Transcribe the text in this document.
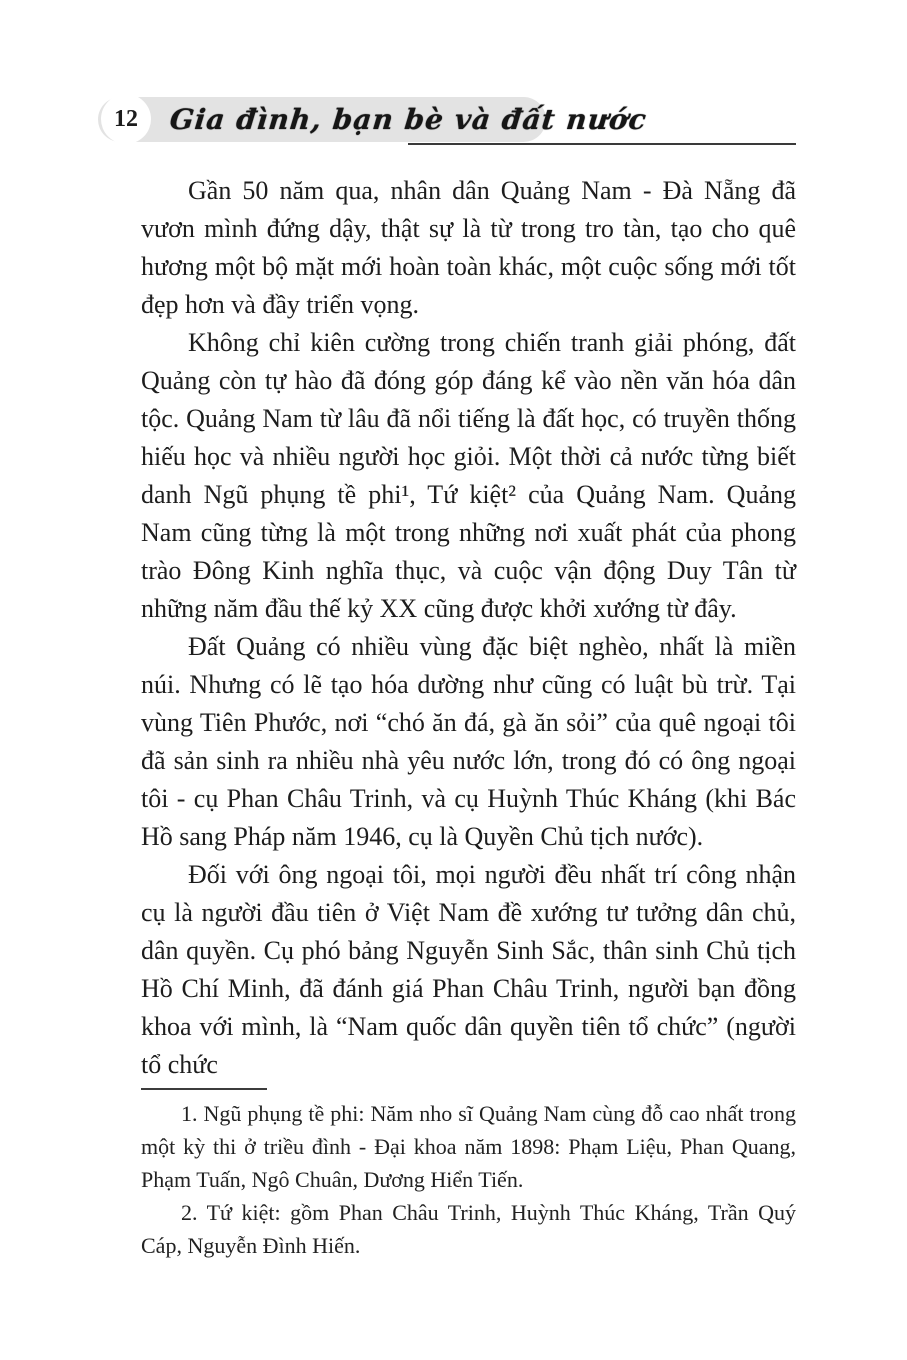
12	Gia đình, bạn bè và đất nước

Gần 50 năm qua, nhân dân Quảng Nam - Đà Nẵng đã vươn mình đứng dậy, thật sự là từ trong tro tàn, tạo cho quê hương một bộ mặt mới hoàn toàn khác, một cuộc sống mới tốt đẹp hơn và đầy triển vọng.

Không chỉ kiên cường trong chiến tranh giải phóng, đất Quảng còn tự hào đã đóng góp đáng kể vào nền văn hóa dân tộc. Quảng Nam từ lâu đã nổi tiếng là đất học, có truyền thống hiếu học và nhiều người học giỏi. Một thời cả nước từng biết danh Ngũ phụng tề phi¹, Tứ kiệt² của Quảng Nam. Quảng Nam cũng từng là một trong những nơi xuất phát của phong trào Đông Kinh nghĩa thục, và cuộc vận động Duy Tân từ những năm đầu thế kỷ XX cũng được khởi xướng từ đây.

Đất Quảng có nhiều vùng đặc biệt nghèo, nhất là miền núi. Nhưng có lẽ tạo hóa dường như cũng có luật bù trừ. Tại vùng Tiên Phước, nơi “chó ăn đá, gà ăn sỏi” của quê ngoại tôi đã sản sinh ra nhiều nhà yêu nước lớn, trong đó có ông ngoại tôi - cụ Phan Châu Trinh, và cụ Huỳnh Thúc Kháng (khi Bác Hồ sang Pháp năm 1946, cụ là Quyền Chủ tịch nước).

Đối với ông ngoại tôi, mọi người đều nhất trí công nhận cụ là người đầu tiên ở Việt Nam đề xướng tư tưởng dân chủ, dân quyền. Cụ phó bảng Nguyễn Sinh Sắc, thân sinh Chủ tịch Hồ Chí Minh, đã đánh giá Phan Châu Trinh, người bạn đồng khoa với mình, là “Nam quốc dân quyền tiên tổ chức” (người tổ chức

1. Ngũ phụng tề phi: Năm nho sĩ Quảng Nam cùng đỗ cao nhất trong một kỳ thi ở triều đình - Đại khoa năm 1898: Phạm Liệu, Phan Quang, Phạm Tuấn, Ngô Chuân, Dương Hiển Tiến.

2. Tứ kiệt: gồm Phan Châu Trinh, Huỳnh Thúc Kháng, Trần Quý Cáp, Nguyễn Đình Hiến.
